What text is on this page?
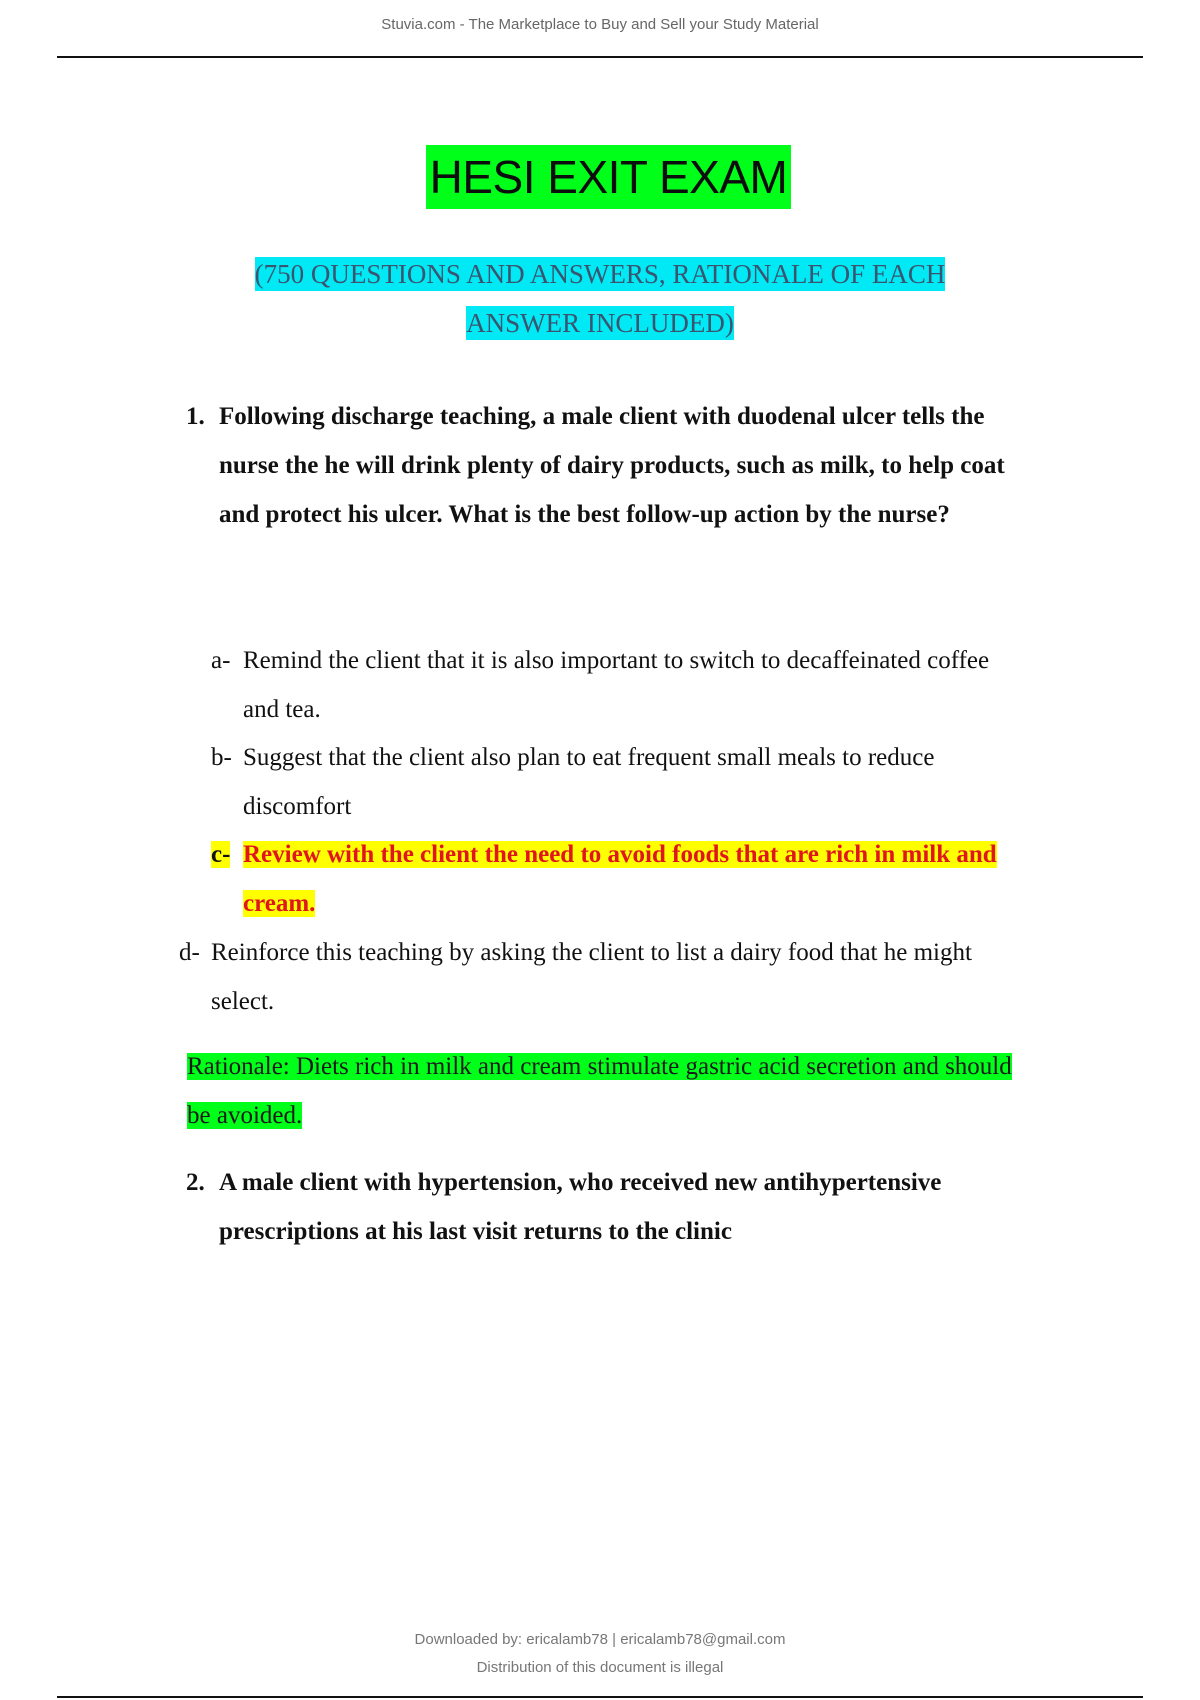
Stuvia.com - The Marketplace to Buy and Sell your Study Material
HESI EXIT EXAM
(750 QUESTIONS AND ANSWERS, RATIONALE OF EACH
ANSWER INCLUDED)
1. Following discharge teaching, a male client with duodenal ulcer tells the nurse the he will drink plenty of dairy products, such as milk, to help coat and protect his ulcer. What is the best follow-up action by the nurse?
a- Remind the client that it is also important to switch to decaffeinated coffee and tea.
b- Suggest that the client also plan to eat frequent small meals to reduce discomfort
c- Review with the client the need to avoid foods that are rich in milk and cream.
d- Reinforce this teaching by asking the client to list a dairy food that he might select.
Rationale: Diets rich in milk and cream stimulate gastric acid secretion and should be avoided.
2. A male client with hypertension, who received new antihypertensive prescriptions at his last visit returns to the clinic
Downloaded by: ericalamb78 | ericalamb78@gmail.com
Distribution of this document is illegal
